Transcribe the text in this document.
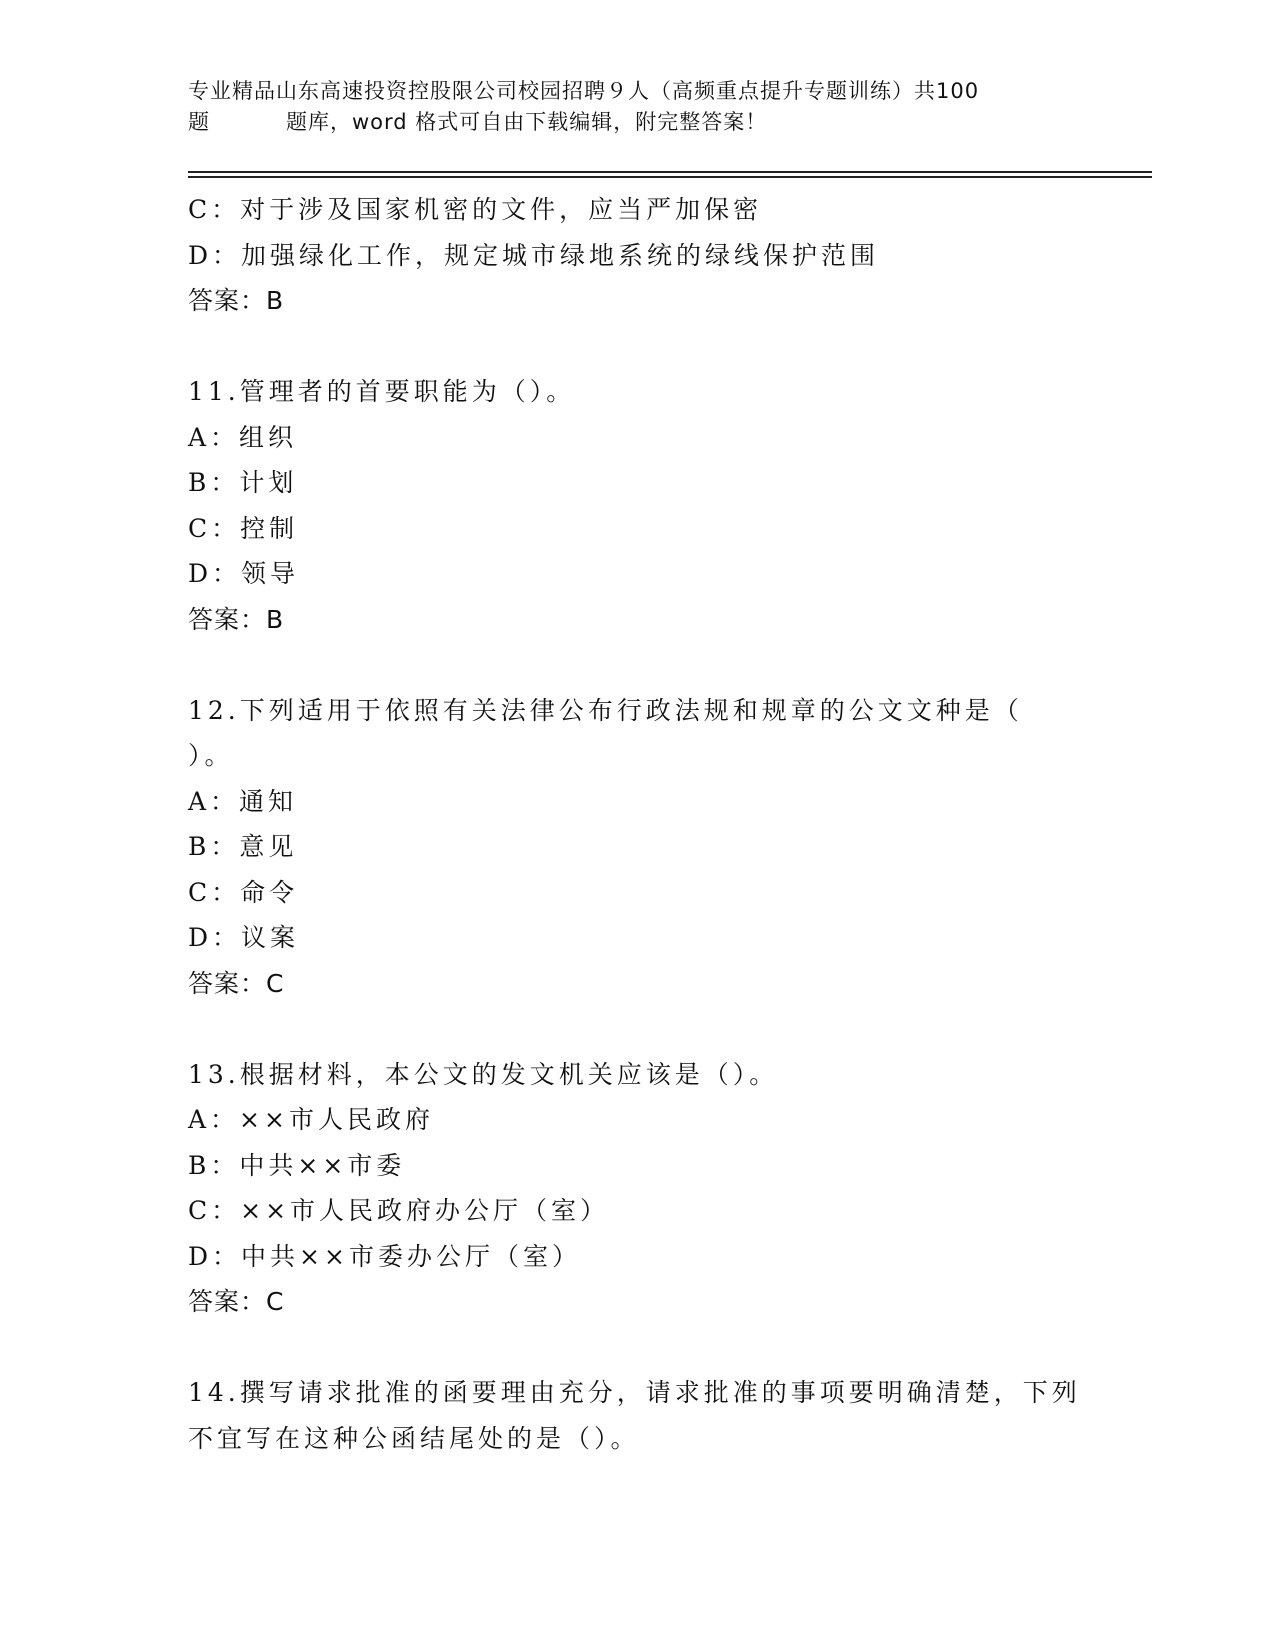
专业精品山东高速投资控股限公司校园招聘９人（高频重点提升专题训练）共100
题	题库，word 格式可自由下载编辑，附完整答案！
C：对于涉及国家机密的文件，应当严加保密
D：加强绿化工作，规定城市绿地系统的绿线保护范围
答案：B
11.管理者的首要职能为（）。
A：组织
B：计划
C：控制
D：领导
答案：B
12.下列适用于依照有关法律公布行政法规和规章的公文文种是（
）。
A：通知
B：意见
C：命令
D：议案
答案：C
13.根据材料，本公文的发文机关应该是（）。
A：××市人民政府
B：中共××市委
C：××市人民政府办公厅（室）
D：中共××市委办公厅（室）
答案：C
14.撰写请求批准的函要理由充分，请求批准的事项要明确清楚，下列
不宜写在这种公函结尾处的是（）。
